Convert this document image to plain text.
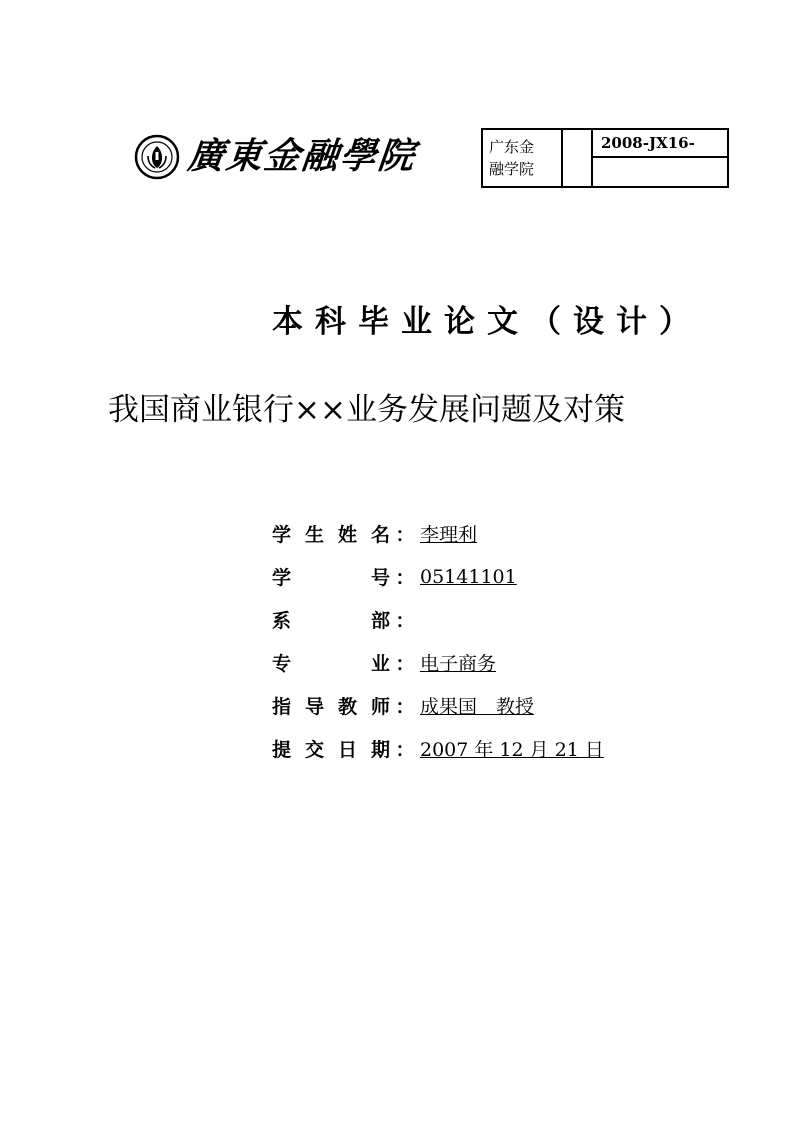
廣東金融學院	广东金
融学院		2008-JX16-

本科毕业论文（设计）
我国商业银行××业务发展问题及对策
学 生 姓 名 ： 李理利
学	号 ： 05141101
系	部 ：
专	业 ： 电子商务
指 导 教 师 ： 成果国　教授
提 交 日 期 ： 2007 年 12 月 21 日
